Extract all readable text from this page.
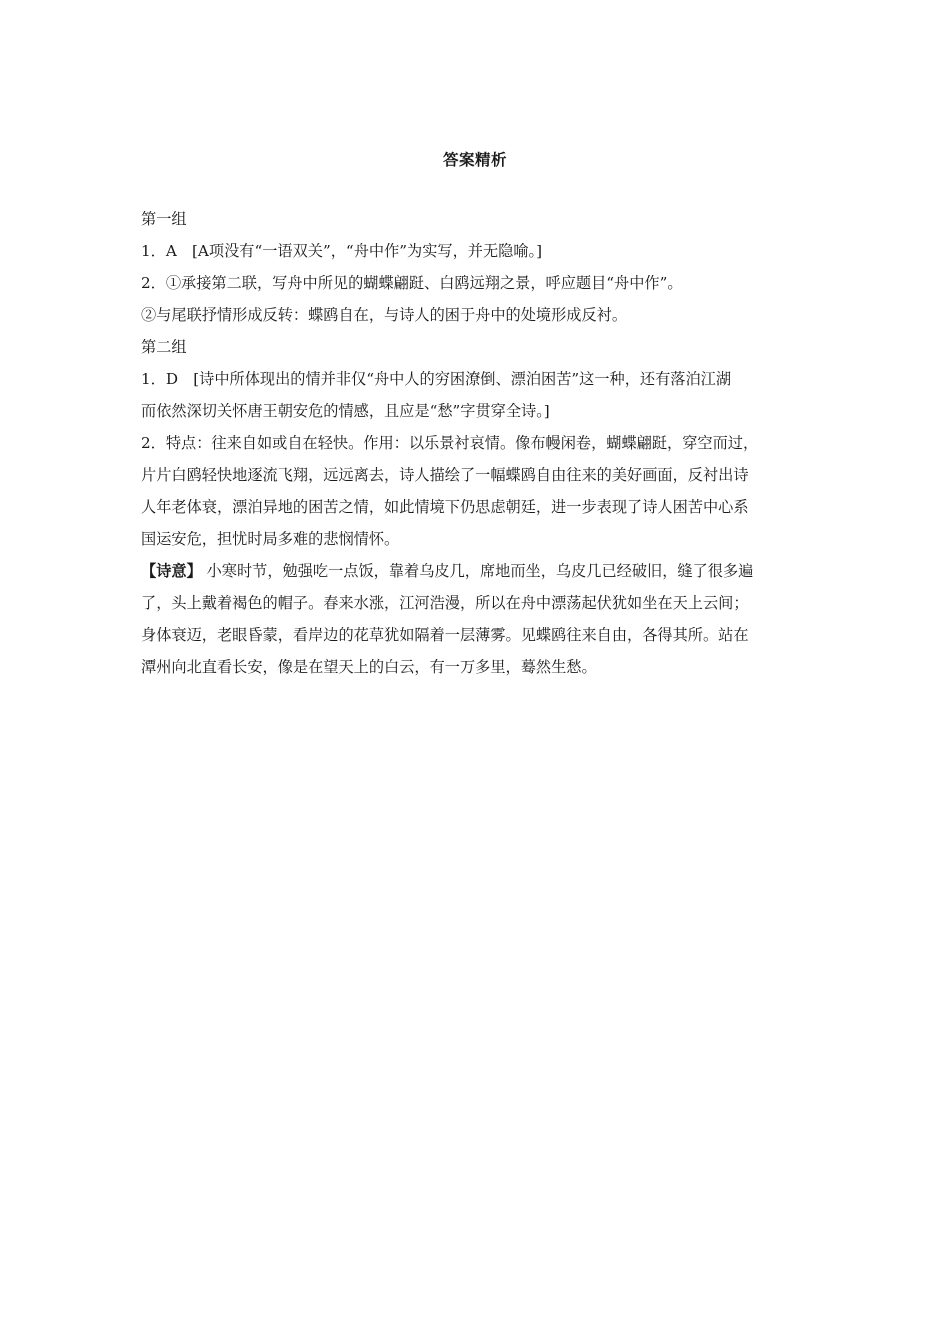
答案精析
第一组
1．A　[A项没有“一语双关”，“舟中作”为实写，并无隐喻。]
2．①承接第二联，写舟中所见的蝴蝶翩跹、白鸥远翔之景，呼应题目“舟中作”。
②与尾联抒情形成反转：蝶鸥自在，与诗人的困于舟中的处境形成反衬。
第二组
1．D　[诗中所体现出的情并非仅“舟中人的穷困潦倒、漂泊困苦”这一种，还有落泊江湖
而依然深切关怀唐王朝安危的情感，且应是“愁”字贯穿全诗。]
2．特点：往来自如或自在轻快。作用：以乐景衬哀情。像布幔闲卷，蝴蝶翩跹，穿空而过，
片片白鸥轻快地逐流飞翔，远远离去，诗人描绘了一幅蝶鸥自由往来的美好画面，反衬出诗
人年老体衰，漂泊异地的困苦之情，如此情境下仍思虑朝廷，进一步表现了诗人困苦中心系
国运安危，担忧时局多难的悲悯情怀。
【诗意】 小寒时节，勉强吃一点饭，靠着乌皮几，席地而坐，乌皮几已经破旧，缝了很多遍
了，头上戴着褐色的帽子。春来水涨，江河浩漫，所以在舟中漂荡起伏犹如坐在天上云间；
身体衰迈，老眼昏蒙，看岸边的花草犹如隔着一层薄雾。见蝶鸥往来自由，各得其所。站在
潭州向北直看长安，像是在望天上的白云，有一万多里，蓦然生愁。
